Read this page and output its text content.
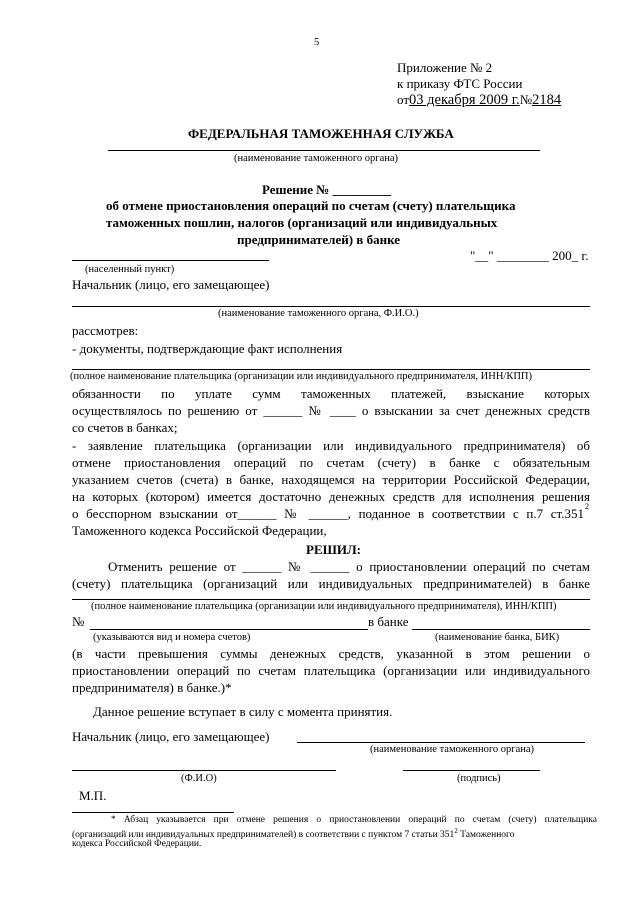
5
Приложение № 2
к приказу ФТС России
от03 декабря 2009 г.№2184
ФЕДЕРАЛЬНАЯ ТАМОЖЕННАЯ СЛУЖБА
(наименование таможенного органа)
Решение № _________
об отмене приостановления операций по счетам (счету) плательщика
таможенных пошлин, налогов (организаций или индивидуальных
предпринимателей) в банке
"__" ________ 200_ г.
(населенный пункт)
Начальник (лицо, его замещающее)
(наименование таможенного органа, Ф.И.О.)
рассмотрев:
- документы, подтверждающие факт исполнения
(полное наименование плательщика (организации или индивидуального предпринимателя, ИНН/КПП)
обязанности по уплате сумм таможенных платежей, взыскание которых
осуществлялось по решению от ______ № ____ о взыскании за счет денежных средств
со счетов в банках;
- заявление плательщика (организации или индивидуального предпринимателя) об
отмене приостановления операций по счетам (счету) в банке с обязательным
указанием счетов (счета) в банке, находящемся на территории Российской Федерации,
на которых (котором) имеется достаточно денежных средств для исполнения решения
о бесспорном взыскании от______ № ______, поданное в соответствии с п.7 ст.351 2
Таможенного кодекса Российской Федерации,
РЕШИЛ:
Отменить решение от ______ № ______ о приостановлении операций по счетам
(счету) плательщика (организаций или индивидуальных предпринимателей) в банке
(полное наименование плательщика (организации или индивидуального предпринимателя), ИНН/КПП)
№	в банке
(указываются вид и номера счетов)	(наименование банка, БИК)
(в части превышения суммы денежных средств, указанной в этом решении о
приостановлении операций по счетам плательщика (организации или индивидуального
предпринимателя) в банке.)*
Данное решение вступает в силу с момента принятия.
Начальник (лицо, его замещающее)
(наименование таможенного органа)
(Ф.И.О)	(подпись)
М.П.
* Абзац указывается при отмене решения о приостановлении операций по счетам (счету) плательщика
(организаций или индивидуальных предпринимателей) в соответствии с пунктом 7 статьи $351^2$ Таможенного
кодекса Российской Федерации.
